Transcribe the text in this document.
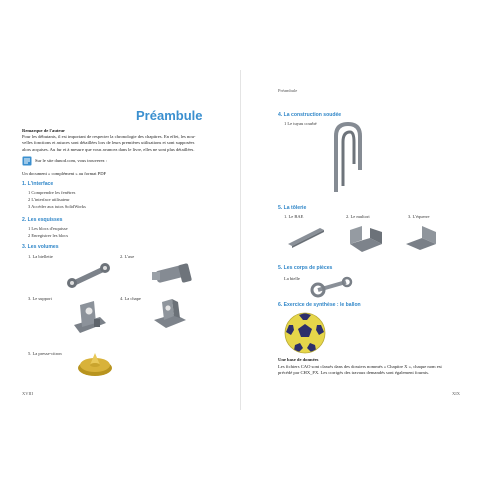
Préambule
Remarque de l'auteur
Pour les débutants, il est important de respecter la chronologie des chapitres. En effet, les nou-
velles fonctions et astuces sont détaillées lors de leurs premières utilisations et sont supposées
alors acquises. Au fur et à mesure que vous avancez dans le livre, elles ne sont plus détaillées.
Sur le site dunod.com, vous trouverez :
Un document « complément » au format PDF
1. L'interface
1 Comprendre les fenêtres
2 L'interface utilisateur
3 Accéder aux tutos SolidWorks
2. Les esquisses
1 Les blocs d'esquisse
2 Enregistrer les blocs
3. Les volumes
1. La biellette	2. L'axe
3. Le support	4. La chape
5. La presse-citron
XVIII
Préambule
4. La construction soudée
1 Le tuyau courbé
5. La tôlerie
1. Le BAE	2. Le multori	3. L'équerre
5. Les corps de pièces
La bielle
6. Exercice de synthèse : le ballon
Une base de données
Les fichiers CAO sont classés dans des dossiers nommés « Chapitre X », chaque nom est
précédé par CHX_PX. Les corrigés des travaux demandés sont également fournis.
XIX
